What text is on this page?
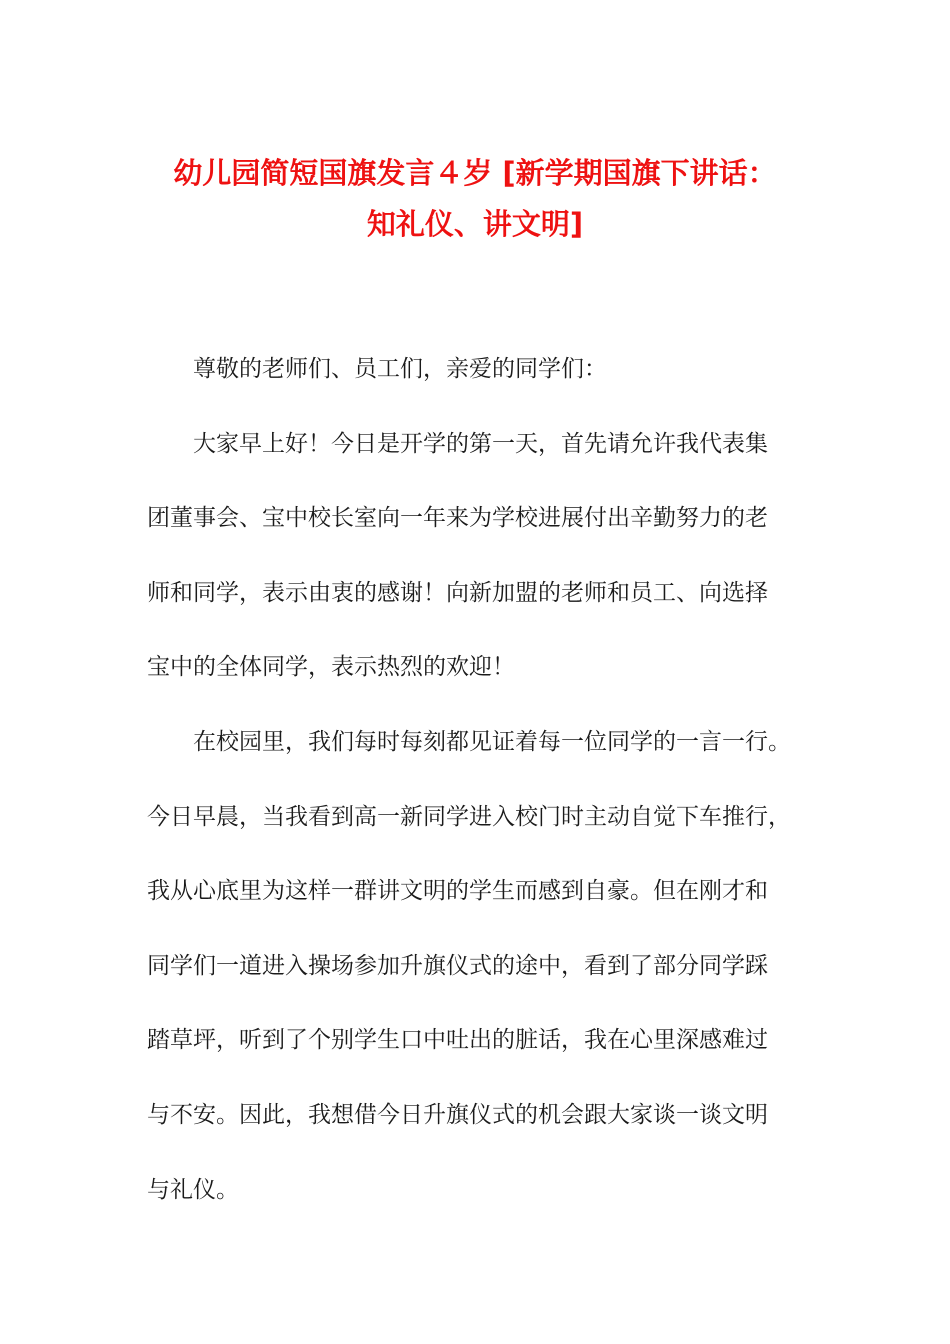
幼儿园简短国旗发言４岁 [新学期国旗下讲话：
知礼仪、讲文明]
尊敬的老师们、员工们，亲爱的同学们：
大家早上好！今日是开学的第一天，首先请允许我代表集
团董事会、宝中校长室向一年来为学校进展付出辛勤努力的老
师和同学，表示由衷的感谢！向新加盟的老师和员工、向选择
宝中的全体同学，表示热烈的欢迎！
在校园里，我们每时每刻都见证着每一位同学的一言一行。
今日早晨，当我看到高一新同学进入校门时主动自觉下车推行，
我从心底里为这样一群讲文明的学生而感到自豪。但在刚才和
同学们一道进入操场参加升旗仪式的途中，看到了部分同学踩
踏草坪，听到了个别学生口中吐出的脏话，我在心里深感难过
与不安。因此，我想借今日升旗仪式的机会跟大家谈一谈文明
与礼仪。
